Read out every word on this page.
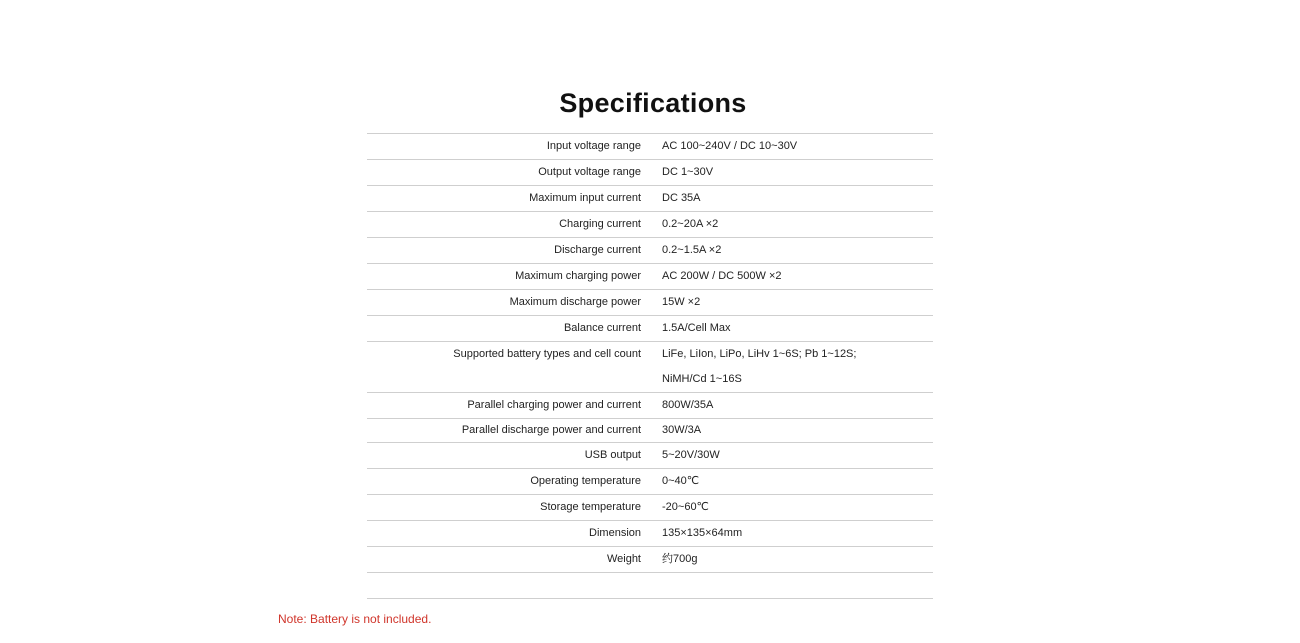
Specifications
Input voltage range	AC 100~240V / DC 10~30V

Output voltage range	DC 1~30V

Maximum input current	DC 35A

Charging current	0.2~20A ×2

Discharge current	0.2~1.5A ×2

Maximum charging power	AC 200W / DC 500W ×2

Maximum discharge power	15W ×2

Balance current	1.5A/Cell Max

Supported battery types and cell count	LiFe, LiIon, LiPo, LiHv 1~6S; Pb 1~12S;
NiMH/Cd 1~16S

Parallel charging power and current	800W/35A

Parallel discharge power and current	30W/3A

USB output	5~20V/30W

Operating temperature	0~40℃

Storage temperature	-20~60℃

Dimension	135×135×64mm

Weight	约700g

Note: Battery is not included.
